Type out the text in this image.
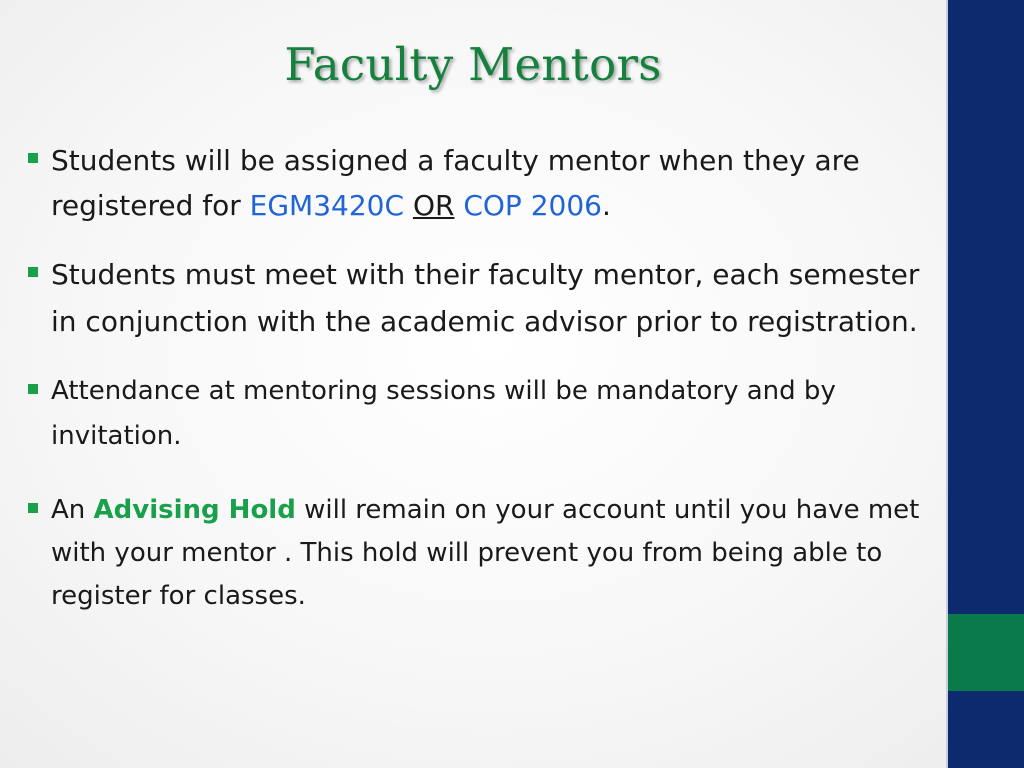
Faculty Mentors
Students will be assigned a faculty mentor when they are registered for EGM3420C OR COP 2006.
Students must meet with their faculty mentor, each semester in conjunction with the academic advisor prior to registration.
Attendance at mentoring sessions will be mandatory and by invitation.
An Advising Hold will remain on your account until you have met with your mentor . This hold will prevent you from being able to register for classes.
